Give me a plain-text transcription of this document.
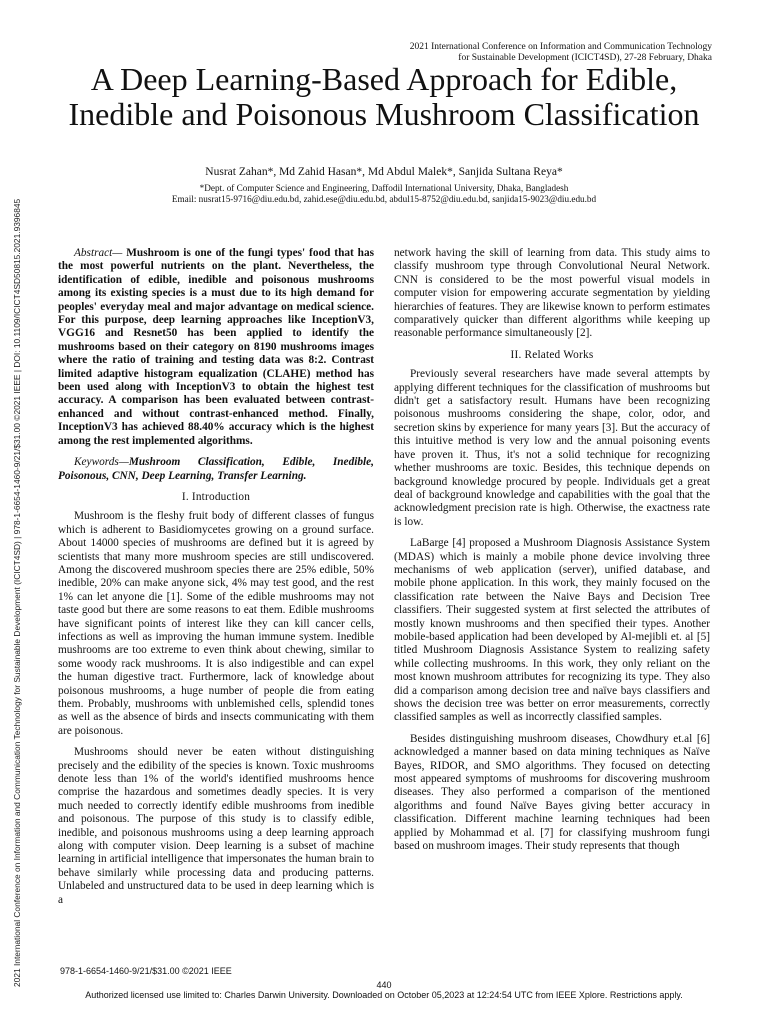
2021 International Conference on Information and Communication Technology for Sustainable Development (ICICT4SD) | 978-1-6654-1460-9/21/$31.00 ©2021 IEEE | DOI: 10.1109/ICICT4SD50815.2021.9396845
2021 International Conference on Information and Communication Technology
for Sustainable Development (ICICT4SD), 27-28 February, Dhaka
A Deep Learning-Based Approach for Edible,
Inedible and Poisonous Mushroom Classification
Nusrat Zahan*, Md Zahid Hasan*, Md Abdul Malek*, Sanjida Sultana Reya*
*Dept. of Computer Science and Engineering, Daffodil International University, Dhaka, Bangladesh
Email: nusrat15-9716@diu.edu.bd, zahid.ese@diu.edu.bd, abdul15-8752@diu.edu.bd, sanjida15-9023@diu.edu.bd

Abstract— Mushroom is one of the fungi types' food that has the most powerful nutrients on the plant. Nevertheless, the identification of edible, inedible and poisonous mushrooms among its existing species is a must due to its high demand for peoples' everyday meal and major advantage on medical science. For this purpose, deep learning approaches like InceptionV3, VGG16 and Resnet50 has been applied to identify the mushrooms based on their category on 8190 mushrooms images where the ratio of training and testing data was 8:2. Contrast limited adaptive histogram equalization (CLAHE) method has been used along with InceptionV3 to obtain the highest test accuracy. A comparison has been evaluated between contrast-enhanced and without contrast-enhanced method. Finally, InceptionV3 has achieved 88.40% accuracy which is the highest among the rest implemented algorithms.

Keywords—Mushroom Classification, Edible, Inedible, Poisonous, CNN, Deep Learning, Transfer Learning.

I. Introduction

Mushroom is the fleshy fruit body of different classes of fungus which is adherent to Basidiomycetes growing on a ground surface. About 14000 species of mushrooms are defined but it is agreed by scientists that many more mushroom species are still undiscovered. Among the discovered mushroom species there are 25% edible, 50% inedible, 20% can make anyone sick, 4% may test good, and the rest 1% can let anyone die [1]. Some of the edible mushrooms may not taste good but there are some reasons to eat them. Edible mushrooms have significant points of interest like they can kill cancer cells, infections as well as improving the human immune system. Inedible mushrooms are too extreme to even think about chewing, similar to some woody rack mushrooms. It is also indigestible and can expel the human digestive tract. Furthermore, lack of knowledge about poisonous mushrooms, a huge number of people die from eating them. Probably, mushrooms with unblemished cells, splendid tones as well as the absence of birds and insects communicating with them are poisonous.

Mushrooms should never be eaten without distinguishing precisely and the edibility of the species is known. Toxic mushrooms denote less than 1% of the world's identified mushrooms hence comprise the hazardous and sometimes deadly species. It is very much needed to correctly identify edible mushrooms from inedible and poisonous. The purpose of this study is to classify edible, inedible, and poisonous mushrooms using a deep learning approach along with computer vision. Deep learning is a subset of machine learning in artificial intelligence that impersonates the human brain to behave similarly while processing data and producing patterns. Unlabeled and unstructured data to be used in deep learning which is a

network having the skill of learning from data. This study aims to classify mushroom type through Convolutional Neural Network. CNN is considered to be the most powerful visual models in computer vision for empowering accurate segmentation by yielding hierarchies of features. They are likewise known to perform estimates comparatively quicker than different algorithms while keeping up reasonable performance simultaneously [2].

II. Related Works

Previously several researchers have made several attempts by applying different techniques for the classification of mushrooms but didn't get a satisfactory result. Humans have been recognizing poisonous mushrooms considering the shape, color, odor, and secretion skins by experience for many years [3]. But the accuracy of this intuitive method is very low and the annual poisoning events have proven it. Thus, it's not a solid technique for recognizing whether mushrooms are toxic. Besides, this technique depends on background knowledge procured by people. Individuals get a great deal of background knowledge and capabilities with the goal that the acknowledgment precision rate is high. Otherwise, the exactness rate is low.

LaBarge [4] proposed a Mushroom Diagnosis Assistance System (MDAS) which is mainly a mobile phone device involving three mechanisms of web application (server), unified database, and mobile phone application. In this work, they mainly focused on the classification rate between the Naive Bays and Decision Tree classifiers. Their suggested system at first selected the attributes of mostly known mushrooms and then specified their types. Another mobile-based application had been developed by Al-mejibli et. al [5] titled Mushroom Diagnosis Assistance System to realizing safety while collecting mushrooms. In this work, they only reliant on the most known mushroom attributes for recognizing its type. They also did a comparison among decision tree and naïve bays classifiers and shows the decision tree was better on error measurements, correctly classified samples as well as incorrectly classified samples.

Besides distinguishing mushroom diseases, Chowdhury et.al [6] acknowledged a manner based on data mining techniques as Naïve Bayes, RIDOR, and SMO algorithms. They focused on detecting most appeared symptoms of mushrooms for discovering mushroom diseases. They also performed a comparison of the mentioned algorithms and found Naïve Bayes giving better accuracy in classification. Different machine learning techniques had been applied by Mohammad et al. [7] for classifying mushroom fungi based on mushroom images. Their study represents that though

978-1-6654-1460-9/21/$31.00 ©2021 IEEE
440
Authorized licensed use limited to: Charles Darwin University. Downloaded on October 05,2023 at 12:24:54 UTC from IEEE Xplore. Restrictions apply.
